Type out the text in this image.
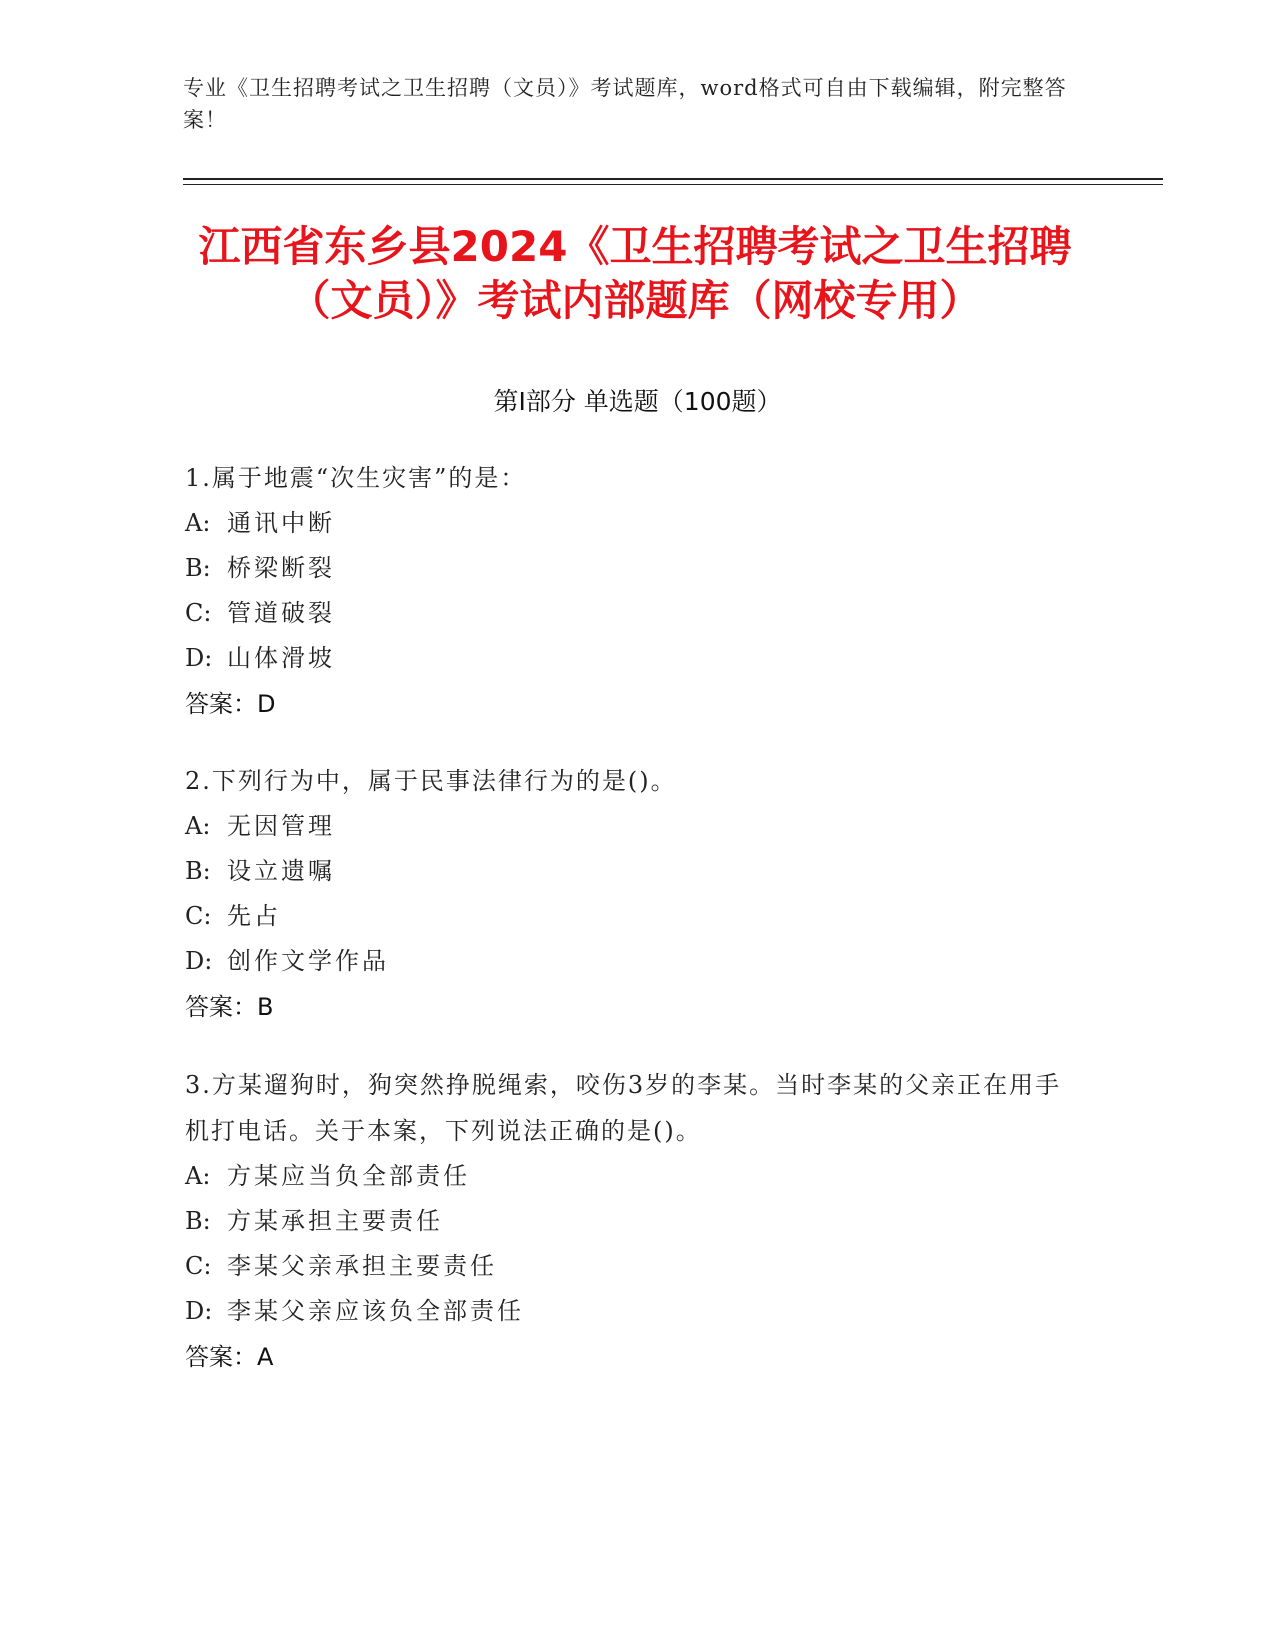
专业《卫生招聘考试之卫生招聘（文员）》考试题库，word格式可自由下载编辑，附完整答案！
江西省东乡县2024《卫生招聘考试之卫生招聘（文员）》考试内部题库（网校专用）
第Ⅰ部分 单选题（100题）

1.属于地震“次生灾害”的是：

A: 通讯中断

B: 桥梁断裂

C: 管道破裂

D: 山体滑坡

答案：D

2.下列行为中，属于民事法律行为的是()。

A: 无因管理

B: 设立遗嘱

C: 先占

D: 创作文学作品

答案：B

3.方某遛狗时，狗突然挣脱绳索，咬伤3岁的李某。当时李某的父亲正在用手机打电话。关于本案，下列说法正确的是()。

A: 方某应当负全部责任

B: 方某承担主要责任

C: 李某父亲承担主要责任

D: 李某父亲应该负全部责任

答案：A
